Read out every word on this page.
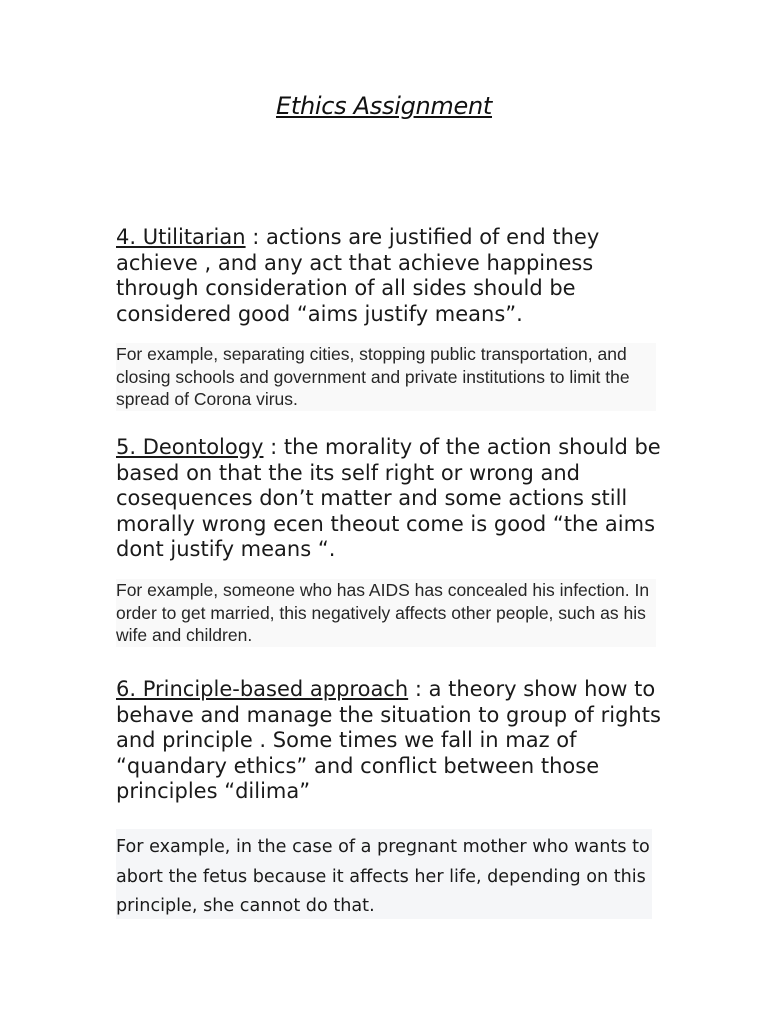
Ethics Assignment
4. Utilitarian : actions are justified of end they achieve , and any act that achieve happiness through consideration of all sides should be considered good “aims justify means”.
For example, separating cities, stopping public transportation, and closing schools and government and private institutions to limit the spread of Corona virus.
5. Deontology : the morality of the action should be based on that the its self right or wrong and cosequences don’t matter and some actions still morally wrong ecen theout come is good “the aims dont justify means “.
For example, someone who has AIDS has concealed his infection. In order to get married, this negatively affects other people, such as his wife and children.
6. Principle-based approach : a theory show how to behave and manage the situation to group of rights and principle . Some times we fall in maz of “quandary ethics” and conflict between those principles “dilima”
For example, in the case of a pregnant mother who wants to abort the fetus because it affects her life, depending on this principle, she cannot do that.
